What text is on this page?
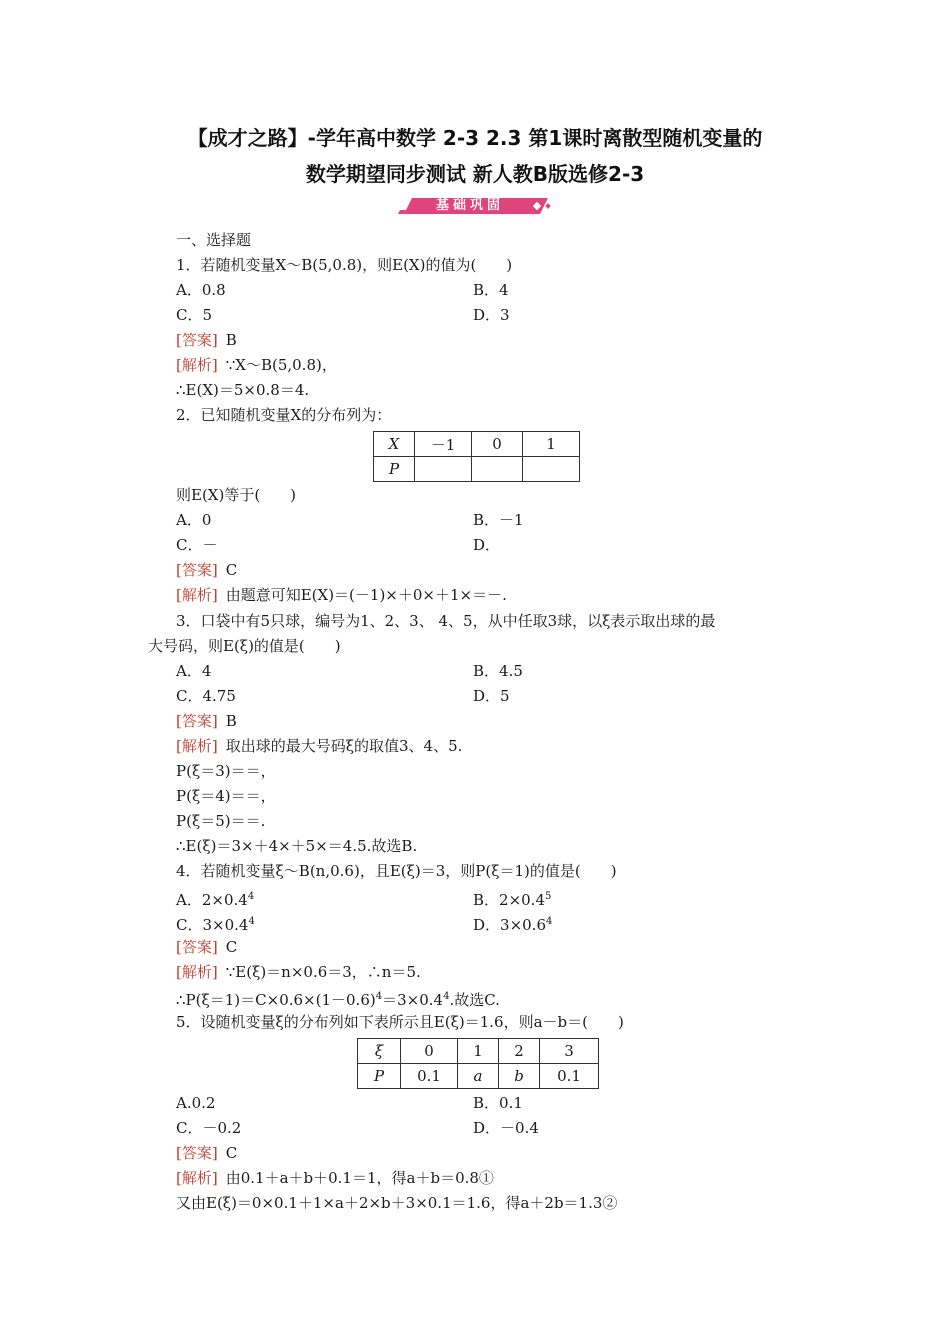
【成才之路】-学年高中数学 2-3 2.3 第1课时离散型随机变量的
数学期望同步测试 新人教B版选修2-3
基础巩固
一、选择题
1．若随机变量X～B(5,0.8)，则E(X)的值为(　　)
A．0.8	B．4
C．5	D．3
[答案] B
[解析] ∵X～B(5,0.8)，
∴E(X)＝5×0.8＝4.
2．已知随机变量X的分布列为：
X	－1	0	1
P			
则E(X)等于(　　)
A．0	B．－1
C．－	D．
[答案] C
[解析] 由题意可知E(X)＝(－1)×＋0×＋1×＝－.
3．口袋中有5只球，编号为1、2、3、 4、5，从中任取3球，以ξ表示取出球的最
大号码，则E(ξ)的值是(　　)
A．4	B．4.5
C．4.75	D．5
[答案] B
[解析] 取出球的最大号码ξ的取值3、4、5.
P(ξ＝3)＝＝，
P(ξ＝4)＝＝，
P(ξ＝5)＝＝.
∴E(ξ)＝3×＋4×＋5×＝4.5.故选B.
4．若随机变量ξ～B(n,0.6)，且E(ξ)＝3，则P(ξ＝1)的值是(　　)
A．$2\times 0.4^4$	B．$2\times 0.4^5$
C．$3\times 0.4^4$	D．$3\times 0.6^4$
[答案] C
[解析] ∵E(ξ)＝n×0.6＝3，∴n＝5.
$\therefore P(\xi=1)=C\times 0.6\times(1-0.6)^4=3\times 0.4^4$.故选C.
5．设随机变量ξ的分布列如下表所示且E(ξ)＝1.6，则a－b＝(　　)
ξ	0	1	2	3
P	0.1	a	b	0.1
A.0.2	B．0.1
C．－0.2	D．－0.4
[答案] C
[解析] 由0.1＋a＋b＋0.1＝1，得a＋b＝0.8①
又由E(ξ)＝0×0.1＋1×a＋2×b＋3×0.1＝1.6，得a＋2b＝1.3②
